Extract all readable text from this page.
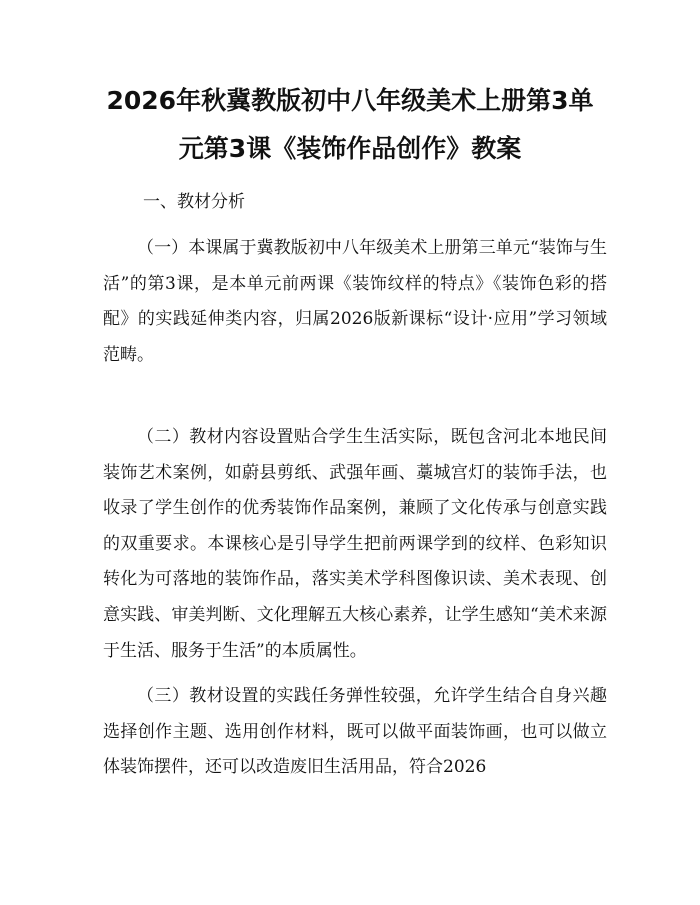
2026年秋冀教版初中八年级美术上册第3单
元第3课《装饰作品创作》教案
一、教材分析

（一）本课属于冀教版初中八年级美术上册第三单元“装饰与生活”的第3课，是本单元前两课《装饰纹样的特点》《装饰色彩的搭配》的实践延伸类内容，归属2026版新课标“设计·应用”学习领域范畴。

（二）教材内容设置贴合学生生活实际，既包含河北本地民间装饰艺术案例，如蔚县剪纸、武强年画、藁城宫灯的装饰手法，也收录了学生创作的优秀装饰作品案例，兼顾了文化传承与创意实践的双重要求。本课核心是引导学生把前两课学到的纹样、色彩知识转化为可落地的装饰作品，落实美术学科图像识读、美术表现、创意实践、审美判断、文化理解五大核心素养，让学生感知“美术来源于生活、服务于生活”的本质属性。

（三）教材设置的实践任务弹性较强，允许学生结合自身兴趣选择创作主题、选用创作材料，既可以做平面装饰画，也可以做立体装饰摆件，还可以改造废旧生活用品，符合2026
